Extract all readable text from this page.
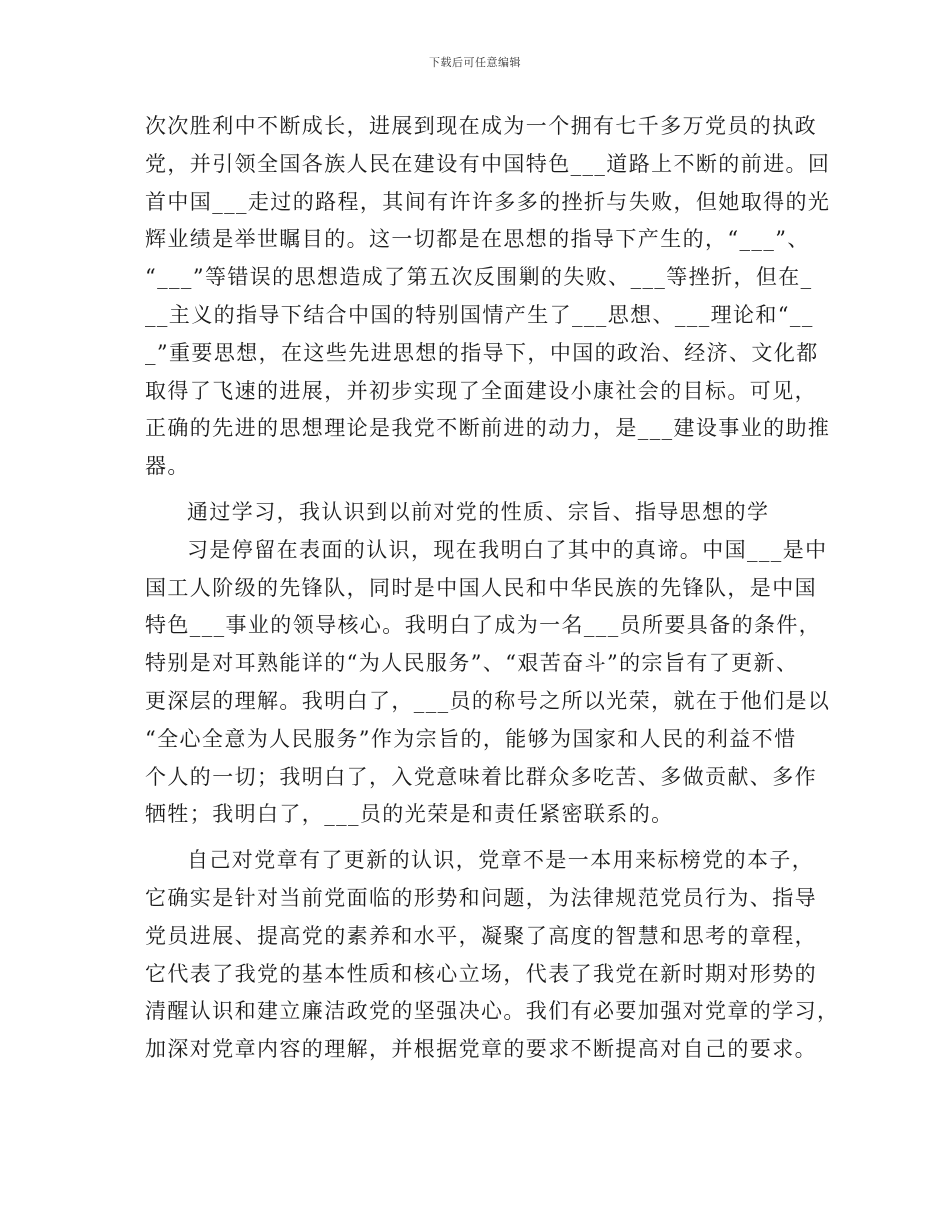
下载后可任意编辑
次次胜利中不断成长，进展到现在成为一个拥有七千多万党员的执政
党，并引领全国各族人民在建设有中国特色___道路上不断的前进。回
首中国___走过的路程，其间有许许多多的挫折与失败，但她取得的光
辉业绩是举世瞩目的。这一切都是在思想的指导下产生的，“___”、
“___”等错误的思想造成了第五次反围剿的失败、___等挫折，但在_
__主义的指导下结合中国的特别国情产生了___思想、___理论和“__
_”重要思想，在这些先进思想的指导下，中国的政治、经济、文化都
取得了飞速的进展，并初步实现了全面建设小康社会的目标。可见，
正确的先进的思想理论是我党不断前进的动力，是___建设事业的助推
器。
通过学习，我认识到以前对党的性质、宗旨、指导思想的学
习是停留在表面的认识，现在我明白了其中的真谛。中国___是中
国工人阶级的先锋队，同时是中国人民和中华民族的先锋队，是中国
特色___事业的领导核心。我明白了成为一名___员所要具备的条件，
特别是对耳熟能详的“为人民服务”、“艰苦奋斗”的宗旨有了更新、
更深层的理解。我明白了，___员的称号之所以光荣，就在于他们是以
“全心全意为人民服务”作为宗旨的，能够为国家和人民的利益不惜
个人的一切；我明白了，入党意味着比群众多吃苦、多做贡献、多作
牺牲；我明白了，___员的光荣是和责任紧密联系的。
自己对党章有了更新的认识，党章不是一本用来标榜党的本子，
它确实是针对当前党面临的形势和问题，为法律规范党员行为、指导
党员进展、提高党的素养和水平，凝聚了高度的智慧和思考的章程，
它代表了我党的基本性质和核心立场，代表了我党在新时期对形势的
清醒认识和建立廉洁政党的坚强决心。我们有必要加强对党章的学习，
加深对党章内容的理解，并根据党章的要求不断提高对自己的要求。
